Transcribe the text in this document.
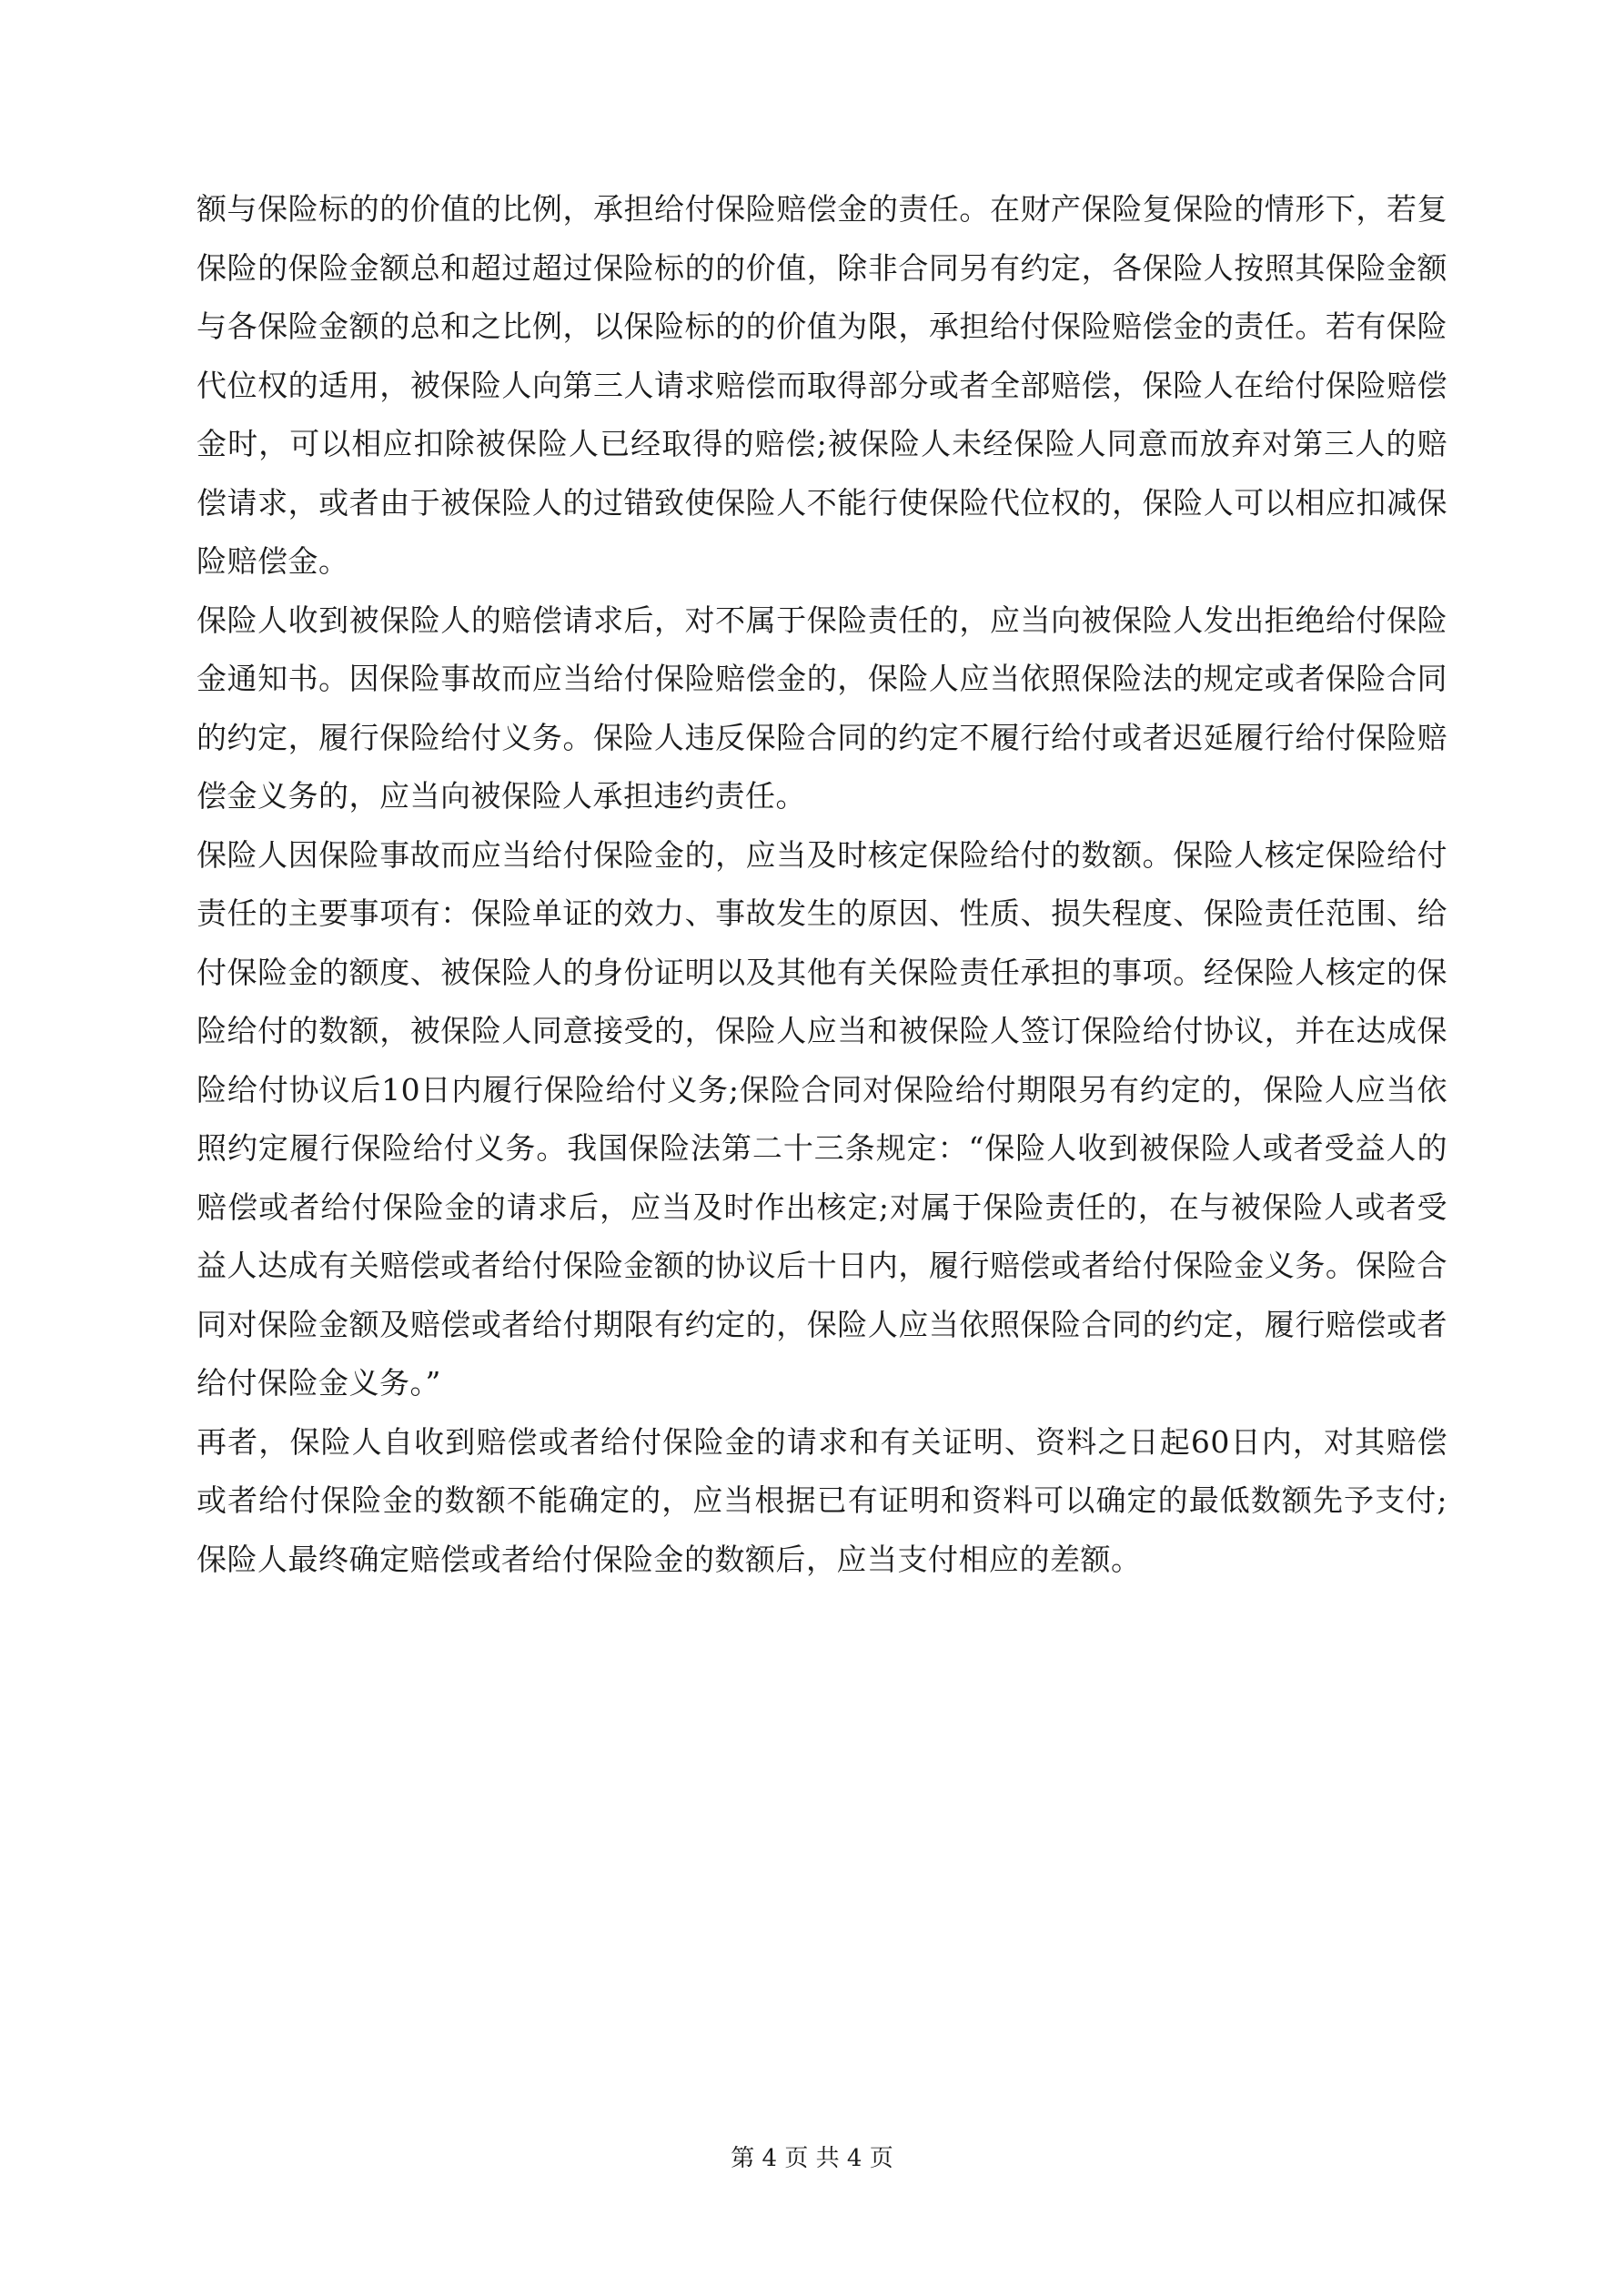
额与保险标的的价值的比例，承担给付保险赔偿金的责任。在财产保险复保险的情形下，若复保险的保险金额总和超过超过保险标的的价值，除非合同另有约定，各保险人按照其保险金额与各保险金额的总和之比例，以保险标的的价值为限，承担给付保险赔偿金的责任。若有保险代位权的适用，被保险人向第三人请求赔偿而取得部分或者全部赔偿，保险人在给付保险赔偿金时，可以相应扣除被保险人已经取得的赔偿;被保险人未经保险人同意而放弃对第三人的赔偿请求，或者由于被保险人的过错致使保险人不能行使保险代位权的，保险人可以相应扣减保险赔偿金。

保险人收到被保险人的赔偿请求后，对不属于保险责任的，应当向被保险人发出拒绝给付保险金通知书。因保险事故而应当给付保险赔偿金的，保险人应当依照保险法的规定或者保险合同的约定，履行保险给付义务。保险人违反保险合同的约定不履行给付或者迟延履行给付保险赔偿金义务的，应当向被保险人承担违约责任。

保险人因保险事故而应当给付保险金的，应当及时核定保险给付的数额。保险人核定保险给付责任的主要事项有：保险单证的效力、事故发生的原因、性质、损失程度、保险责任范围、给付保险金的额度、被保险人的身份证明以及其他有关保险责任承担的事项。经保险人核定的保险给付的数额，被保险人同意接受的，保险人应当和被保险人签订保险给付协议，并在达成保险给付协议后10日内履行保险给付义务;保险合同对保险给付期限另有约定的，保险人应当依照约定履行保险给付义务。我国保险法第二十三条规定：“保险人收到被保险人或者受益人的赔偿或者给付保险金的请求后，应当及时作出核定;对属于保险责任的，在与被保险人或者受益人达成有关赔偿或者给付保险金额的协议后十日内，履行赔偿或者给付保险金义务。保险合同对保险金额及赔偿或者给付期限有约定的，保险人应当依照保险合同的约定，履行赔偿或者给付保险金义务。”

再者，保险人自收到赔偿或者给付保险金的请求和有关证明、资料之日起60日内，对其赔偿或者给付保险金的数额不能确定的，应当根据已有证明和资料可以确定的最低数额先予支付;保险人最终确定赔偿或者给付保险金的数额后，应当支付相应的差额。

第 4 页 共 4 页
